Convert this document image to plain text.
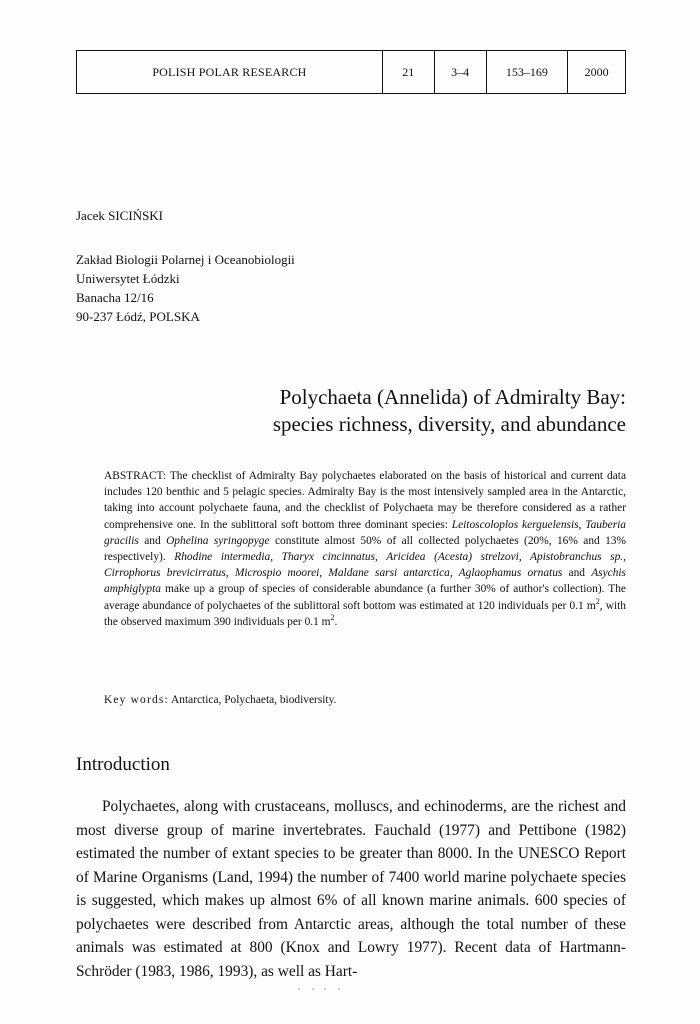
POLISH POLAR RESEARCH	21	3–4	153–169	2000
Jacek SICIŃSKI
Zakład Biologii Polarnej i Oceanobiologii
Uniwersytet Łódzki
Banacha 12/16
90-237 Łódź, POLSKA
Polychaeta (Annelida) of Admiralty Bay:
species richness, diversity, and abundance
ABSTRACT: The checklist of Admiralty Bay polychaetes elaborated on the basis of historical and current data includes 120 benthic and 5 pelagic species. Admiralty Bay is the most intensively sampled area in the Antarctic, taking into account polychaete fauna, and the checklist of Polychaeta may be therefore considered as a rather comprehensive one. In the sublittoral soft bottom three dominant species: Leitoscoloplos kerguelensis, Tauberia gracilis and Ophelina syringopyge constitute almost 50% of all collected polychaetes (20%, 16% and 13% respectively). Rhodine intermedia, Tharyx cincinnatus, Aricidea (Acesta) strelzovi, Apistobranchus sp., Cirrophorus brevicirratus, Microspio moorei, Maldane sarsi antarctica, Aglaophamus ornatus and Asychis amphiglypta make up a group of species of considerable abundance (a further 30% of author's collection). The average abundance of polychaetes of the sublittoral soft bottom was estimated at 120 individuals per 0.1 $m^2$, with the observed maximum 390 individuals per 0.1 $m^2$.
Key words: Antarctica, Polychaeta, biodiversity.
Introduction

Polychaetes, along with crustaceans, molluscs, and echinoderms, are the richest and most diverse group of marine invertebrates. Fauchald (1977) and Pettibone (1982) estimated the number of extant species to be greater than 8000. In the UNESCO Report of Marine Organisms (Land, 1994) the number of 7400 world marine polychaete species is suggested, which makes up almost 6% of all known marine animals. 600 species of polychaetes were described from Antarctic areas, although the total number of these animals was estimated at 800 (Knox and Lowry 1977). Recent data of Hartmann-Schröder (1983, 1986, 1993), as well as Hart-
